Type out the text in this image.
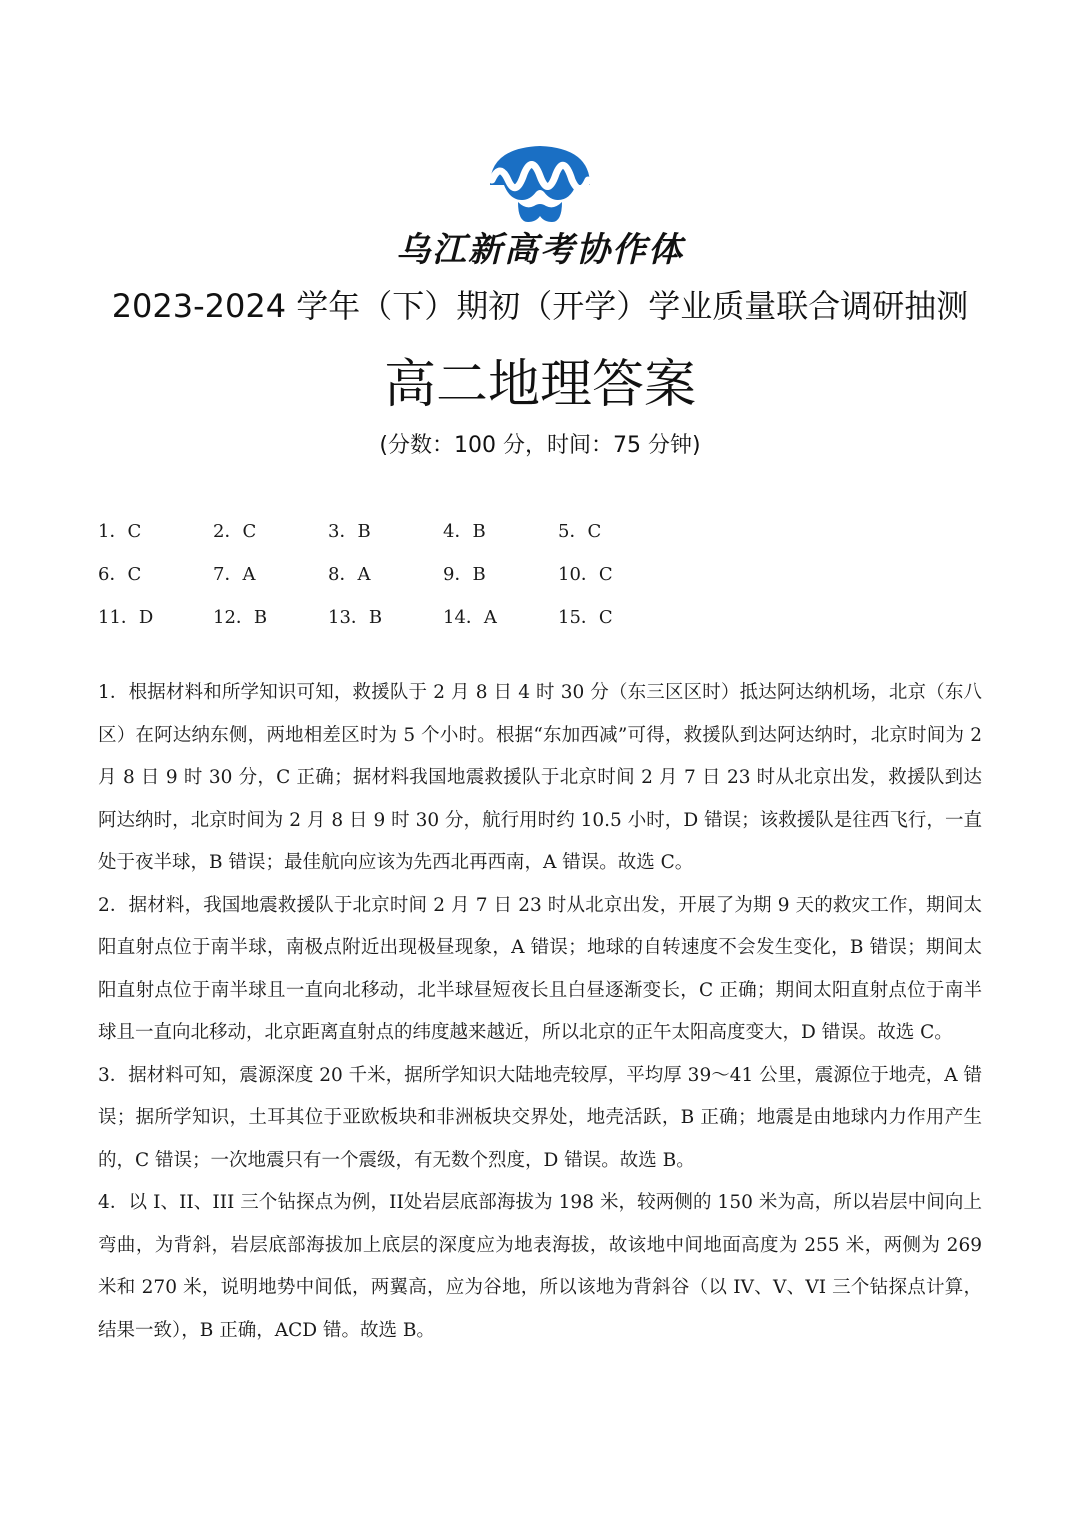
乌江新高考协作体
2023-2024 学年（下）期初（开学）学业质量联合调研抽测
高二地理答案
(分数：100 分，时间：75 分钟)
1．C	2．C	3．B	4．B	5．C
6．C	7．A	8．A	9．B	10．C
11．D	12．B	13．B	14．A	15．C

1．根据材料和所学知识可知，救援队于 2 月 8 日 4 时 30 分（东三区区时）抵达阿达纳机场，北京（东八区）在阿达纳东侧，两地相差区时为 5 个小时。根据“东加西减”可得，救援队到达阿达纳时，北京时间为 2 月 8 日 9 时 30 分，C 正确；据材料我国地震救援队于北京时间 2 月 7 日 23 时从北京出发，救援队到达阿达纳时，北京时间为 2 月 8 日 9 时 30 分，航行用时约 10.5 小时，D 错误；该救援队是往西飞行，一直处于夜半球，B 错误；最佳航向应该为先西北再西南，A 错误。故选 C。

2．据材料，我国地震救援队于北京时间 2 月 7 日 23 时从北京出发，开展了为期 9 天的救灾工作，期间太阳直射点位于南半球，南极点附近出现极昼现象，A 错误；地球的自转速度不会发生变化，B 错误；期间太阳直射点位于南半球且一直向北移动，北半球昼短夜长且白昼逐渐变长，C 正确；期间太阳直射点位于南半球且一直向北移动，北京距离直射点的纬度越来越近，所以北京的正午太阳高度变大，D 错误。故选 C。

3．据材料可知，震源深度 20 千米，据所学知识大陆地壳较厚，平均厚 39～41 公里，震源位于地壳，A 错误；据所学知识，土耳其位于亚欧板块和非洲板块交界处，地壳活跃，B 正确；地震是由地球内力作用产生的，C 错误；一次地震只有一个震级，有无数个烈度，D 错误。故选 B。

4．以 I、II、III 三个钻探点为例，II处岩层底部海拔为 198 米，较两侧的 150 米为高，所以岩层中间向上弯曲，为背斜，岩层底部海拔加上底层的深度应为地表海拔，故该地中间地面高度为 255 米，两侧为 269 米和 270 米，说明地势中间低，两翼高，应为谷地，所以该地为背斜谷（以 IV、V、VI 三个钻探点计算，结果一致），B 正确，ACD 错。故选 B。
